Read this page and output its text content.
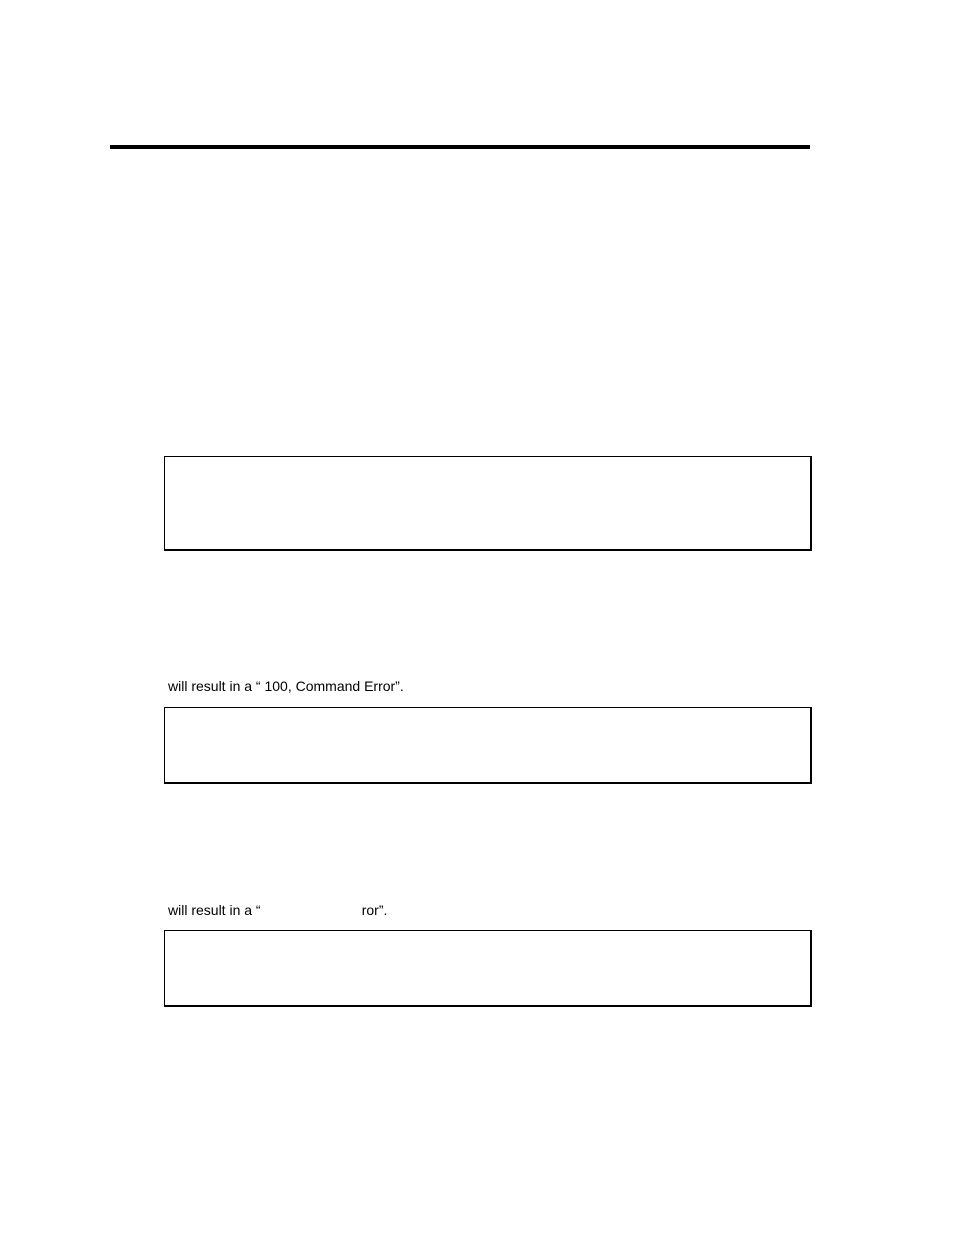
will result in a “ 100, Command Error”.
will result in a “                          ror”.
